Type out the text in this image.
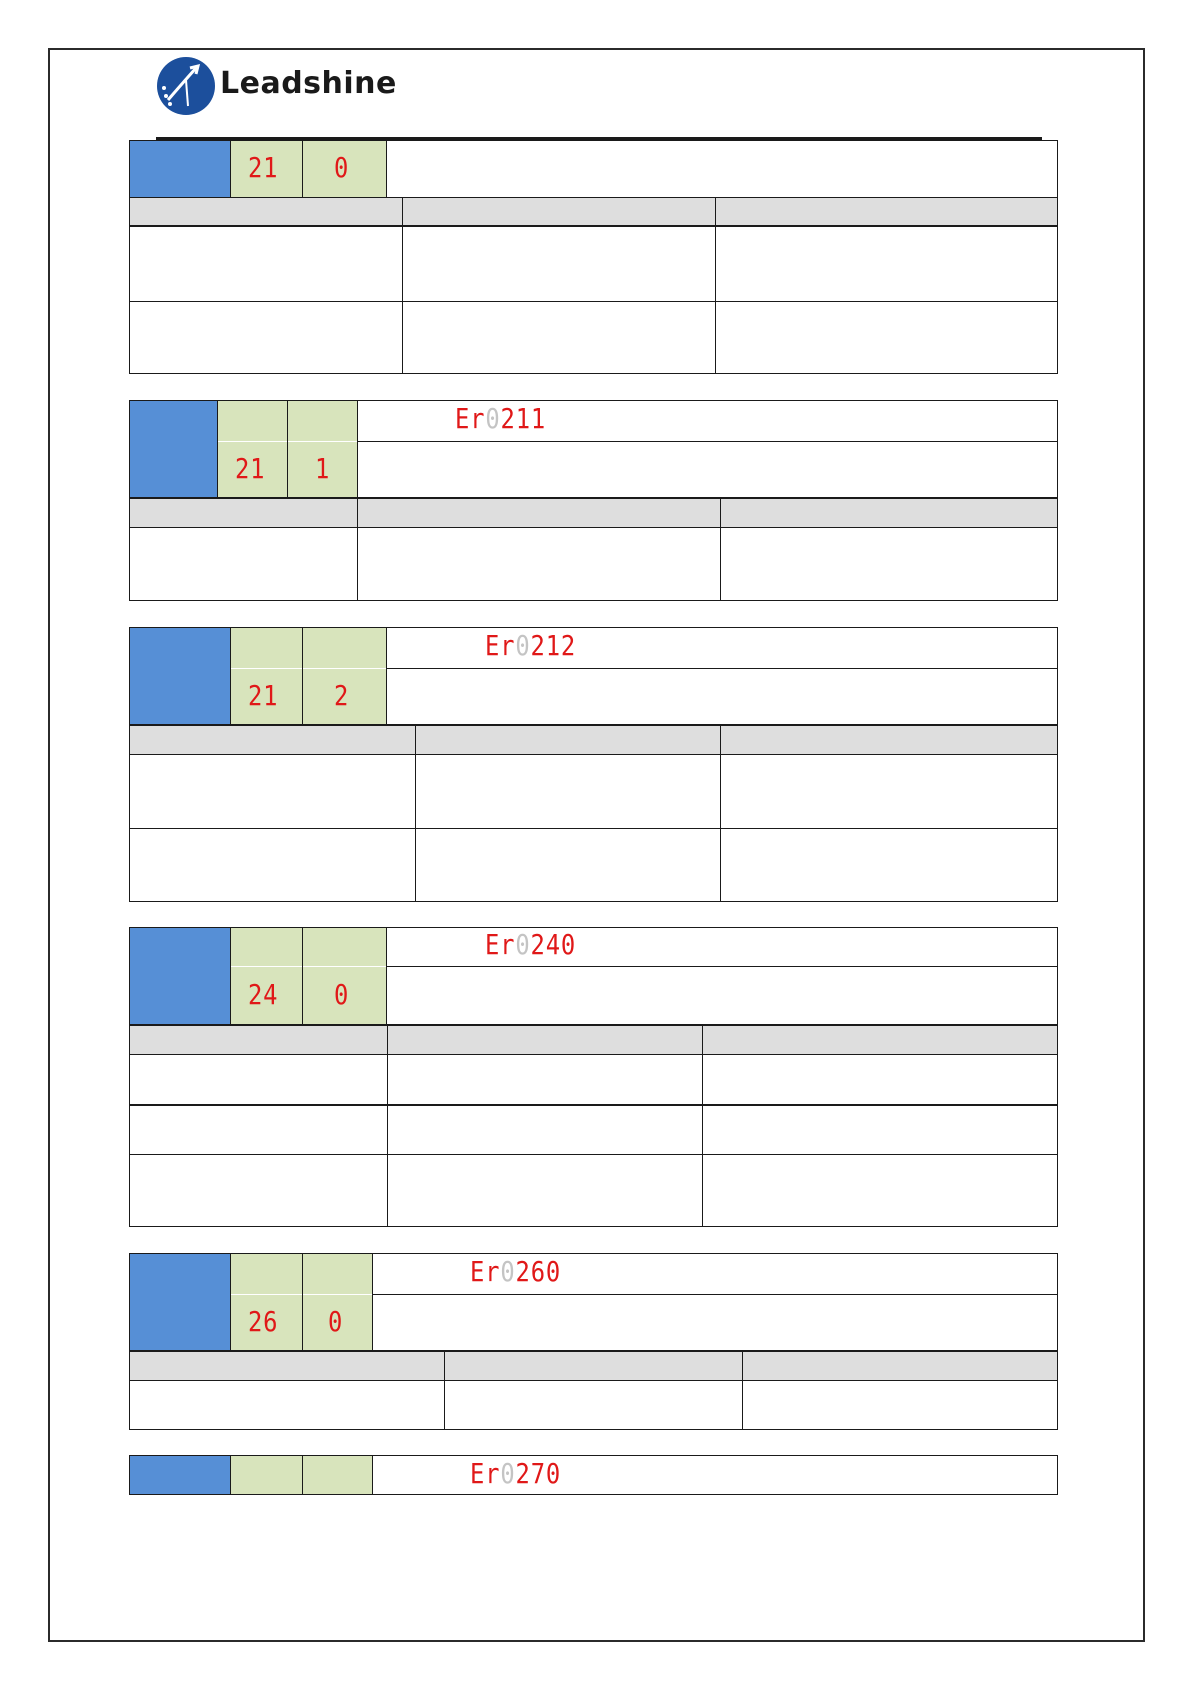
Leadshine
21 0
21 1
Er0211
21 2
Er0212
24 0
Er0240
26 0
Er0260
Er0270
